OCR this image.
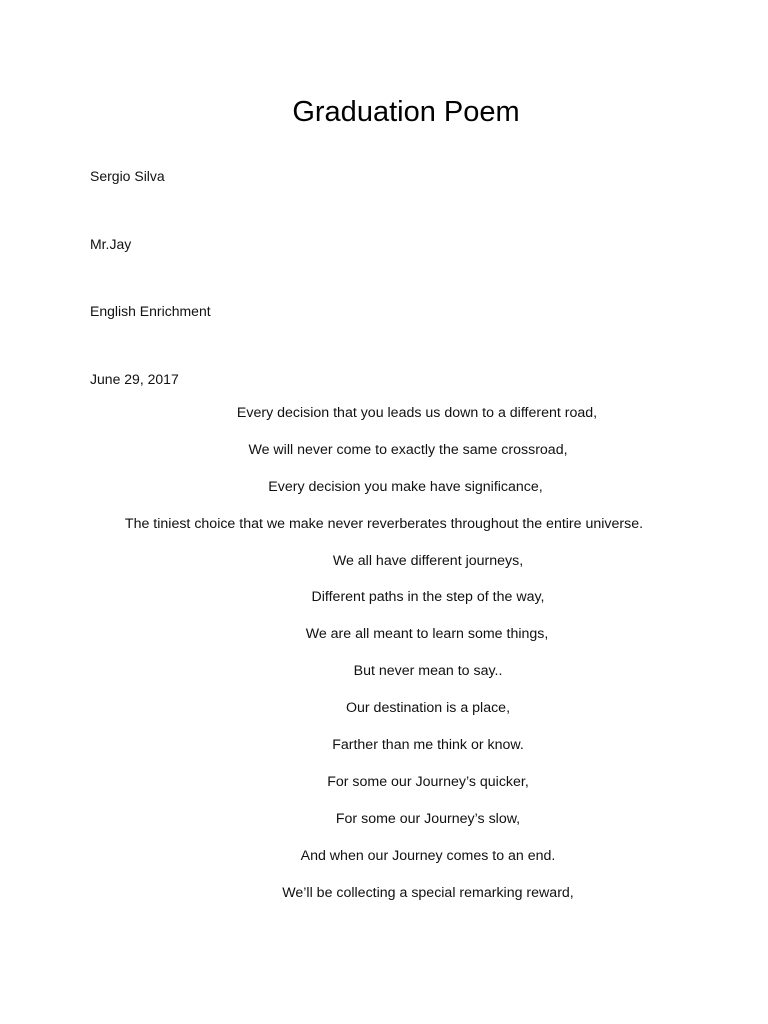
Graduation Poem
Sergio Silva
Mr.Jay
English Enrichment
June 29, 2017
Every decision that you leads us down to a different road,
We will never come to exactly the same crossroad,
Every decision you make have significance,
The tiniest choice that we make never reverberates throughout the entire universe.
We all have different journeys,
Different paths in the step of the way,
We are all meant to learn some things,
But never mean to say..
Our destination is a place,
Farther than me think or know.
For some our Journey’s quicker,
For some our Journey’s slow,
And when our Journey comes to an end.
We’ll be collecting a special remarking reward,
